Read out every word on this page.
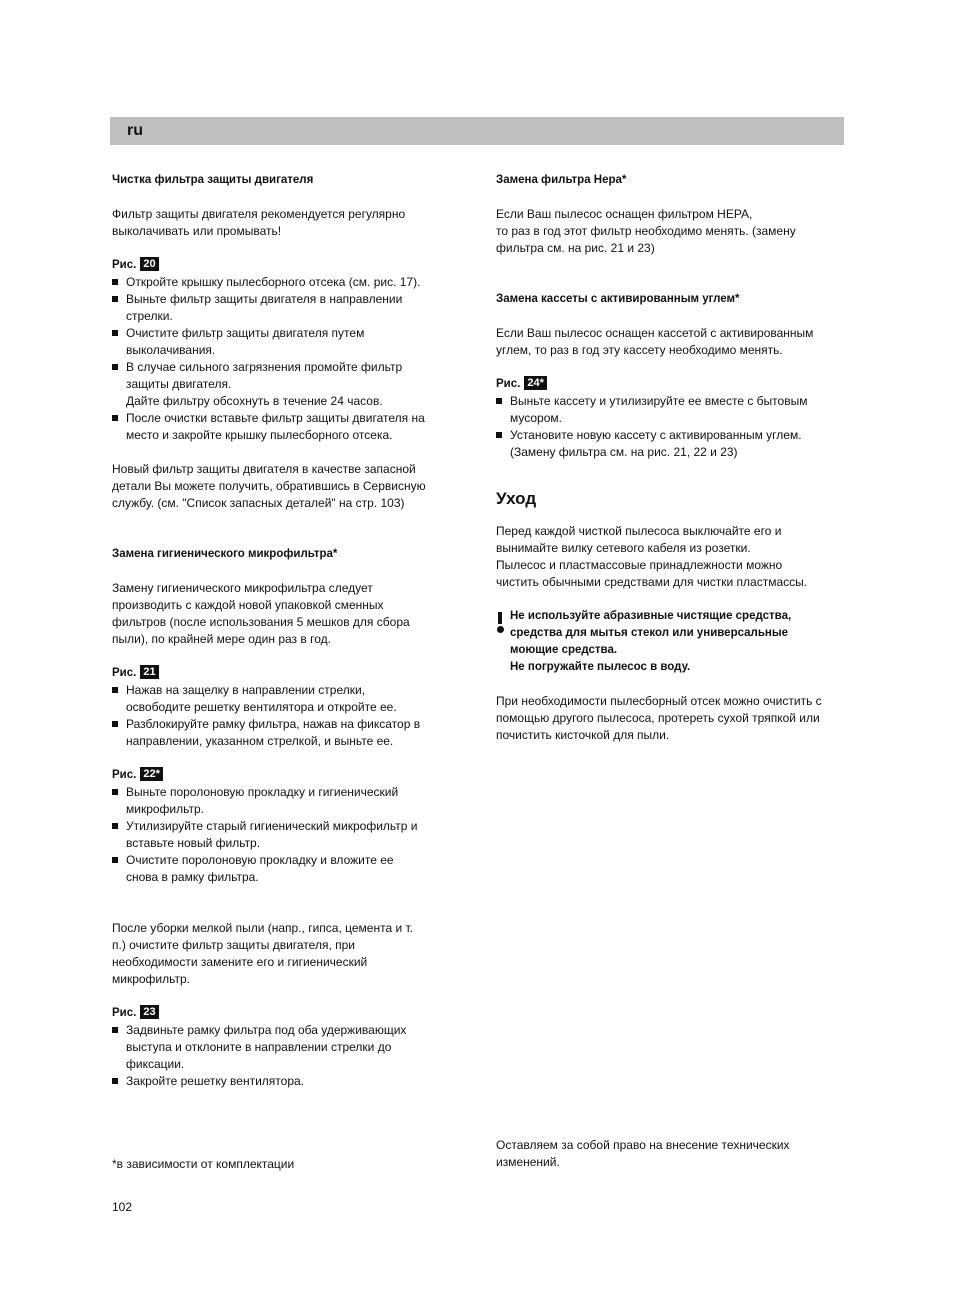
ru

Чистка фильтра защиты двигателя

Фильтр защиты двигателя рекомендуется регулярно
выколачивать или промывать!

Рис. 20

Откройте крышку пылесборного отсека (см. рис. 17).
Выньте фильтр защиты двигателя в направлении
стрелки.
Очистите фильтр защиты двигателя путем
выколачивания.
В случае сильного загрязнения промойте фильтр
защиты двигателя.
Дайте фильтру обсохнуть в течение 24 часов.
После очистки вставьте фильтр защиты двигателя на
место и закройте крышку пылесборного отсека.

Новый фильтр защиты двигателя в качестве запасной
детали Вы можете получить, обратившись в Сервисную
службу. (см. "Список запасных деталей" на стр. 103)

Замена гигиенического микрофильтра*

Замену гигиенического микрофильтра следует
производить с каждой новой упаковкой сменных
фильтров (после использования 5 мешков для сбора
пыли), по крайней мере один раз в год.

Рис. 21

Нажав на защелку в направлении стрелки,
освободите решетку вентилятора и откройте ее.
Разблокируйте рамку фильтра, нажав на фиксатор в
направлении, указанном стрелкой, и выньте ее.

Рис. 22*

Выньте поролоновую прокладку и гигиенический
микрофильтр.
Утилизируйте старый гигиенический микрофильтр и
вставьте новый фильтр.
Очистите поролоновую прокладку и вложите ее
снова в рамку фильтра.

После уборки мелкой пыли (напр., гипса, цемента и т.
п.) очистите фильтр защиты двигателя, при
необходимости замените его и гигиенический
микрофильтр.

Рис. 23

Задвиньте рамку фильтра под оба удерживающих
выступа и отклоните в направлении стрелки до
фиксации.
Закройте решетку вентилятора.

Замена фильтра Hepa*

Если Ваш пылесос оснащен фильтром HEPA,
то раз в год этот фильтр необходимо менять. (замену
фильтра см. на рис. 21 и 23)

Замена кассеты с активированным углем*

Если Ваш пылесос оснащен кассетой с активированным
углем, то раз в год эту кассету необходимо менять.

Рис. 24*

Выньте кассету и утилизируйте ее вместе с бытовым
мусором.
Установите новую кассету с активированным углем.
(Замену фильтра см. на рис. 21, 22 и 23)

Уход

Перед каждой чисткой пылесоса выключайте его и
вынимайте вилку сетевого кабеля из розетки.
Пылесос и пластмассовые принадлежности можно
чистить обычными средствами для чистки пластмассы.

Не используйте абразивные чистящие средства,
средства для мытья стекол или универсальные
моющие средства.
Не погружайте пылесос в воду.

При необходимости пылесборный отсек можно очистить с
помощью другого пылесоса, протереть сухой тряпкой или
почистить кисточкой для пыли.

Оставляем за собой право на внесение технических
изменений.
*в зависимости от комплектации
102
